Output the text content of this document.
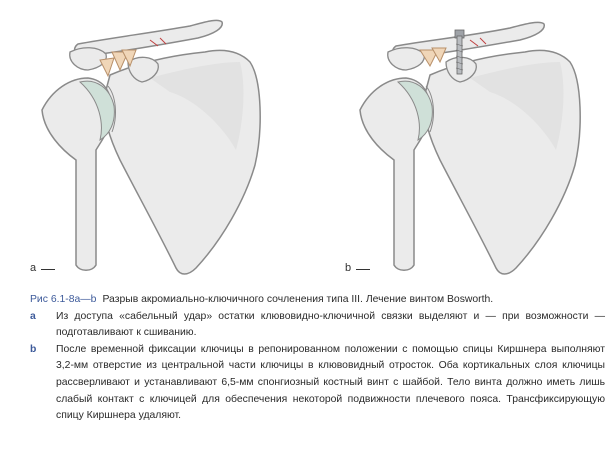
a	b
Рис 6.1-8а—b Разрыв акромиально-ключичного сочленения типа III. Лечение винтом Bosworth.
a	Из доступа «сабельный удар» остатки клювовидно-ключичной связки выделяют и — при возможности — подготавливают к сшиванию.
b	После временной фиксации ключицы в репонированном положении с помощью спицы Киршнера выполняют 3,2-мм отверстие из центральной части ключицы в клювовидный отросток. Оба кортикальных слоя ключицы рассверливают и устанавливают 6,5-мм спонгиозный костный винт с шайбой. Тело винта должно иметь лишь слабый контакт с ключицей для обеспечения некоторой подвижности плечевого пояса. Трансфиксирующую спицу Киршнера удаляют.
